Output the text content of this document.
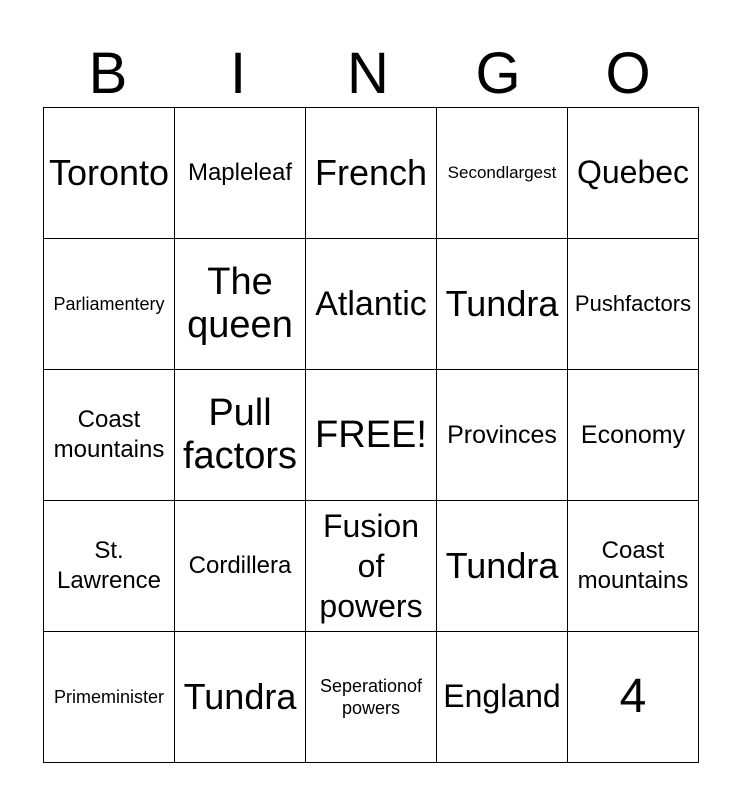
B	I	N	G	O
Toronto	Mapleleaf	French	Secondlargest	Quebec
Parliamentery	The queen	Atlantic	Tundra	Pushfactors
Coast mountains	Pull factors	FREE!	Provinces	Economy
St. Lawrence	Cordillera	Fusion of powers	Tundra	Coast mountains
Primeminister	Tundra	Seperationof powers	England	4
